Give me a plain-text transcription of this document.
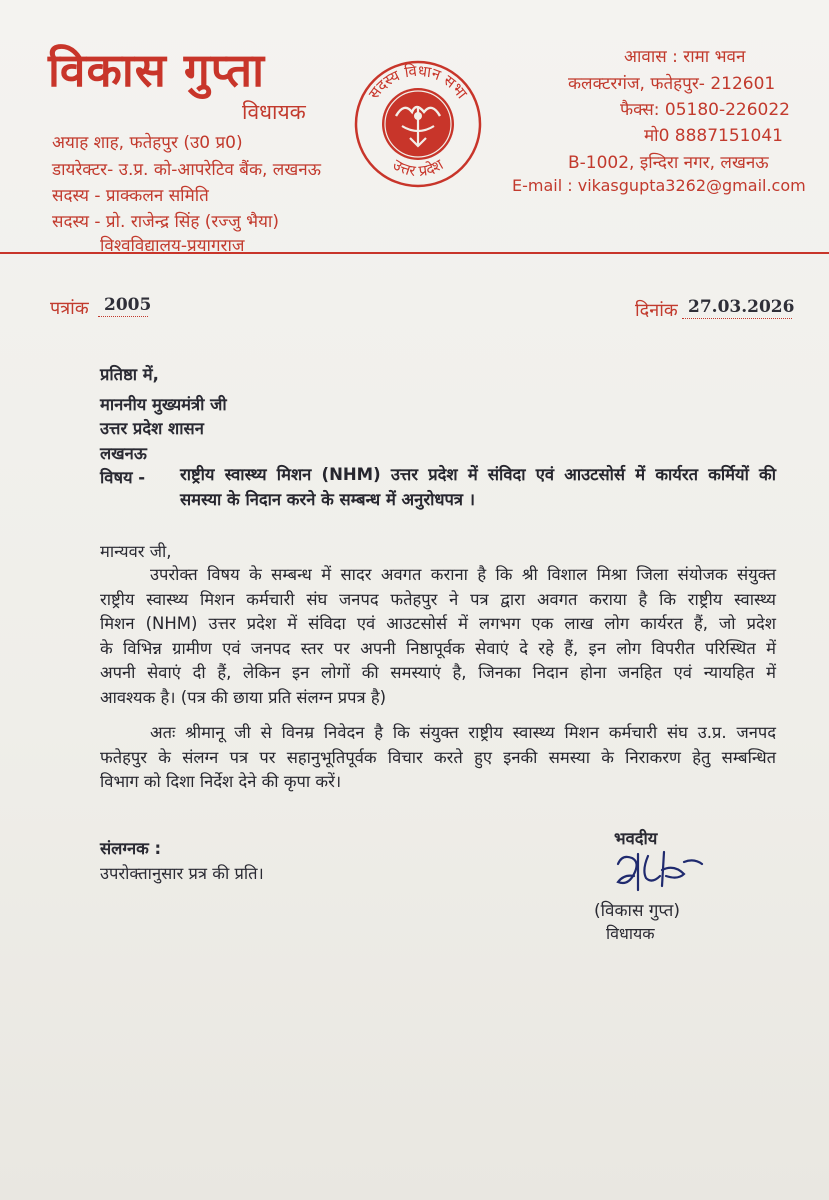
विकास गुप्ता
विधायक
अयाह शाह, फतेहपुर (उ0 प्र0)
डायरेक्टर- उ.प्र. को-आपरेटिव बैंक, लखनऊ
सदस्य - प्राक्कलन समिति
सदस्य - प्रो. राजेन्द्र सिंह (रज्जु भैया)
विश्वविद्यालय-प्रयागराज
सदस्य विधान सभा
उत्तर प्रदेश
आवास : रामा भवन
कलक्टरगंज, फतेहपुर- 212601
फैक्स: 05180-226022
मो0 8887151041
B-1002, इन्दिरा नगर, लखनऊ
E-mail : vikasgupta3262@gmail.com
पत्रांक 2005	दिनांक 27.03.2026
प्रतिष्ठा में,
माननीय मुख्यमंत्री जी
उत्तर प्रदेश शासन
लखनऊ
विषय - राष्ट्रीय स्वास्थ्य मिशन (NHM) उत्तर प्रदेश में संविदा एवं आउटसोर्स में कार्यरत कर्मियों की
समस्या के निदान करने के सम्बन्ध में अनुरोधपत्र ।
मान्यवर जी,
उपरोक्त विषय के सम्बन्ध में सादर अवगत कराना है कि श्री विशाल मिश्रा जिला संयोजक संयुक्त
राष्ट्रीय स्वास्थ्य मिशन कर्मचारी संघ जनपद फतेहपुर ने पत्र द्वारा अवगत कराया है कि राष्ट्रीय स्वास्थ्य
मिशन (NHM) उत्तर प्रदेश में संविदा एवं आउटसोर्स में लगभग एक लाख लोग कार्यरत हैं, जो प्रदेश
के विभिन्न ग्रामीण एवं जनपद स्तर पर अपनी निष्ठापूर्वक सेवाएं दे रहे हैं, इन लोग विपरीत परिस्थित में
अपनी सेवाएं दी हैं, लेकिन इन लोगों की समस्याएं है, जिनका निदान होना जनहित एवं न्यायहित में
आवश्यक है। (पत्र की छाया प्रति संलग्न प्रपत्र है)
अतः श्रीमानू जी से विनम्र निवेदन है कि संयुक्त राष्ट्रीय स्वास्थ्य मिशन कर्मचारी संघ उ.प्र. जनपद
फतेहपुर के संलग्न पत्र पर सहानुभूतिपूर्वक विचार करते हुए इनकी समस्या के निराकरण हेतु सम्बन्धित
विभाग को दिशा निर्देश देने की कृपा करें।
संलग्नक :
उपरोक्तानुसार प्रत्र की प्रति।
भवदीय
(विकास गुप्त)
विधायक
